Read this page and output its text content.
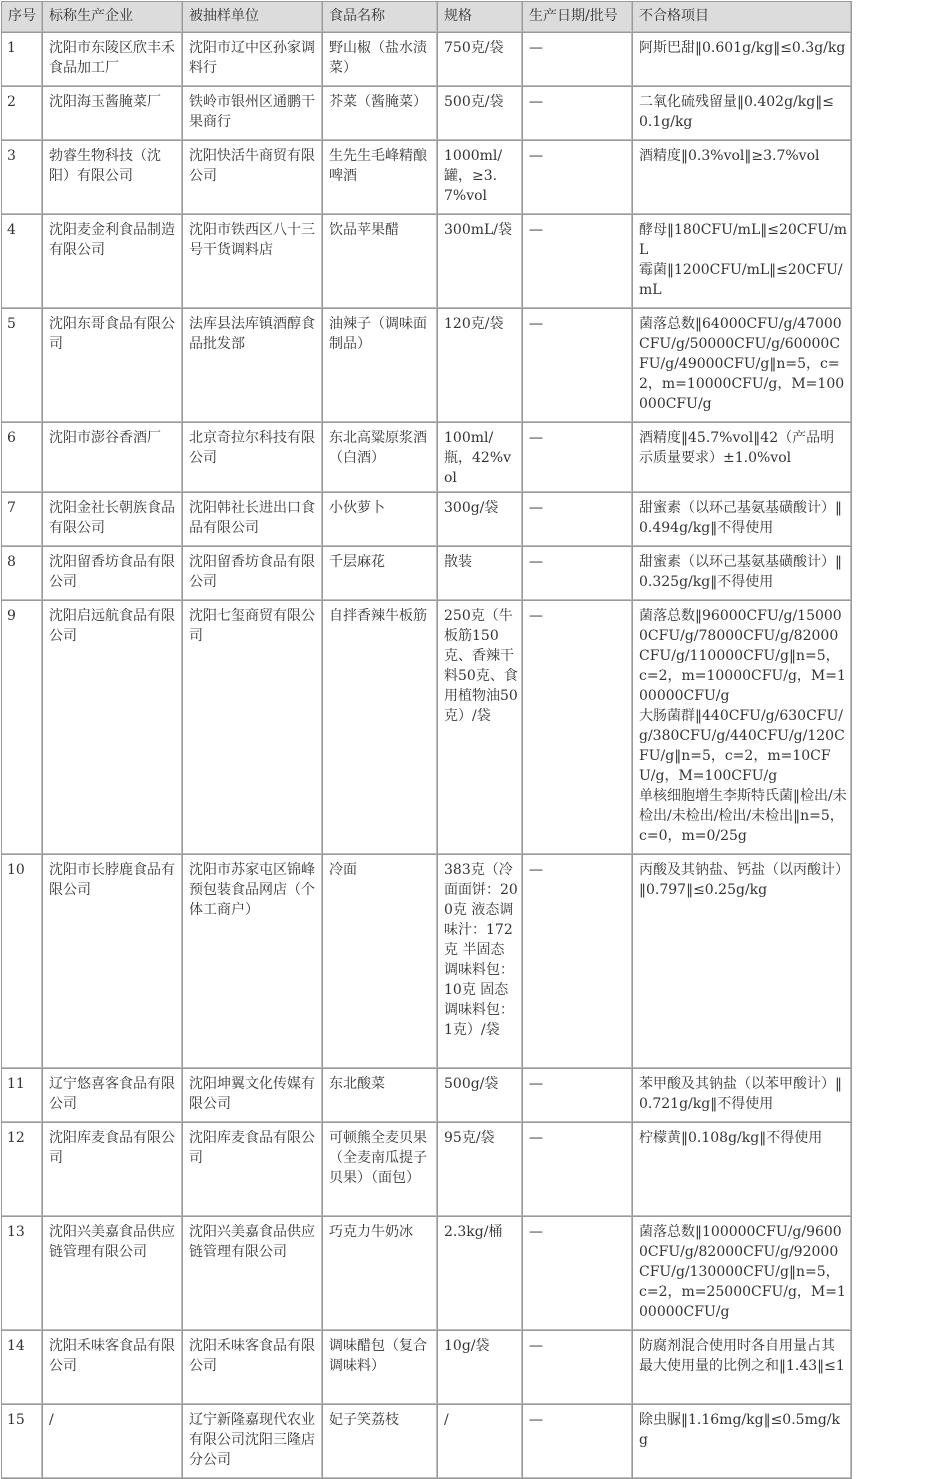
序号	标称生产企业	被抽样单位	食品名称	规格	生产日期/批号	不合格项目
1	沈阳市东陵区欣丰禾食品加工厂	沈阳市辽中区孙家调料行	野山椒（盐水渍菜）	750克/袋	—	阿斯巴甜‖0.601g/kg‖≤0.3g/kg
2	沈阳海玉酱腌菜厂	铁岭市银州区通鹏干果商行	芥菜（酱腌菜）	500克/袋	—	二氧化硫残留量‖0.402g/kg‖≤0.1g/kg
3	勃睿生物科技（沈阳）有限公司	沈阳快活牛商贸有限公司	生先生毛峰精酿啤酒	1000ml/罐，≥3.7%vol	—	酒精度‖0.3%vol‖≥3.7%vol
4	沈阳麦金利食品制造有限公司	沈阳市铁西区八十三号干货调料店	饮品苹果醋	300mL/袋	—	酵母‖180CFU/mL‖≤20CFU/mL
霉菌‖1200CFU/mL‖≤20CFU/mL
5	沈阳东哥食品有限公司	法库县法库镇酒醇食品批发部	油辣子（调味面制品）	120克/袋	—	菌落总数‖64000CFU/g/47000CFU/g/50000CFU/g/60000CFU/g/49000CFU/g‖n=5，c=2，m=10000CFU/g，M=100000CFU/g
6	沈阳市澎谷香酒厂	北京奇拉尔科技有限公司	东北高粱原浆酒（白酒）	100ml/瓶，42%vol	—	酒精度‖45.7%vol‖42（产品明示质量要求）±1.0%vol
7	沈阳金社长朝族食品有限公司	沈阳韩社长进出口食品有限公司	小伙萝卜	300g/袋	—	甜蜜素（以环己基氨基磺酸计）‖0.494g/kg‖不得使用
8	沈阳留香坊食品有限公司	沈阳留香坊食品有限公司	千层麻花	散装	—	甜蜜素（以环己基氨基磺酸计）‖0.325g/kg‖不得使用
9	沈阳启远航食品有限公司	沈阳七玺商贸有限公司	自拌香辣牛板筋	250克（牛板筋150克、香辣干料50克、食用植物油50克）/袋	—	菌落总数‖96000CFU/g/150000CFU/g/78000CFU/g/82000CFU/g/110000CFU/g‖n=5，c=2，m=10000CFU/g，M=100000CFU/g
大肠菌群‖440CFU/g/630CFU/g/380CFU/g/440CFU/g/120CFU/g‖n=5，c=2，m=10CFU/g，M=100CFU/g
单核细胞增生李斯特氏菌‖检出/未检出/未检出/检出/未检出‖n=5，c=0，m=0/25g
10	沈阳市长脖鹿食品有限公司	沈阳市苏家屯区锦峰预包装食品网店（个体工商户）	冷面	383克（冷面面饼：200克 液态调味汁：172克 半固态调味料包：10克 固态调味料包：1克）/袋	—	丙酸及其钠盐、钙盐（以丙酸计）‖0.797‖≤0.25g/kg
11	辽宁悠喜客食品有限公司	沈阳坤翼文化传媒有限公司	东北酸菜	500g/袋	—	苯甲酸及其钠盐（以苯甲酸计）‖0.721g/kg‖不得使用
12	沈阳库麦食品有限公司	沈阳库麦食品有限公司	可顿熊全麦贝果（全麦南瓜提子贝果）（面包）	95克/袋	—	柠檬黄‖0.108g/kg‖不得使用
13	沈阳兴美嘉食品供应链管理有限公司	沈阳兴美嘉食品供应链管理有限公司	巧克力牛奶冰	2.3kg/桶	—	菌落总数‖100000CFU/g/96000CFU/g/82000CFU/g/92000CFU/g/130000CFU/g‖n=5，c=2，m=25000CFU/g，M=100000CFU/g
14	沈阳禾味客食品有限公司	沈阳禾味客食品有限公司	调味醋包（复合调味料）	10g/袋	—	防腐剂混合使用时各自用量占其最大使用量的比例之和‖1.43‖≤1
15	/	辽宁新隆嘉现代农业有限公司沈阳三隆店分公司	妃子笑荔枝	/	—	除虫脲‖1.16mg/kg‖≤0.5mg/kg
